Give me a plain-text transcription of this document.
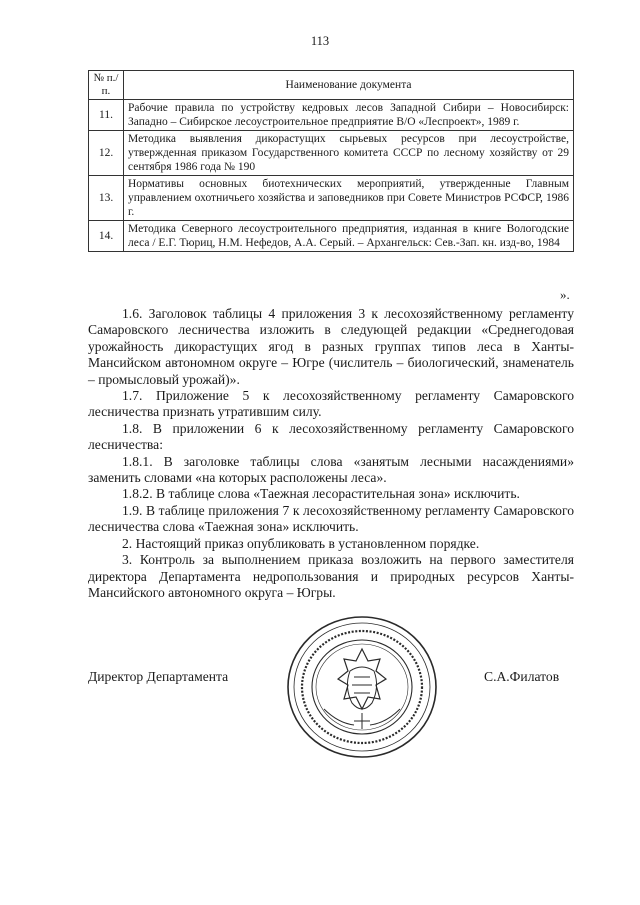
113
№ п./п.	Наименование документа
11.	Рабочие правила по устройству кедровых лесов Западной Сибири – Новосибирск: Западно – Сибирское лесоустроительное предприятие В/О «Леспроект», 1989 г.
12.	Методика выявления дикорастущих сырьевых ресурсов при лесоустройстве, утвержденная приказом Государственного комитета СССР по лесному хозяйству от 29 сентября 1986 года № 190
13.	Нормативы основных биотехнических мероприятий, утвержденные Главным управлением охотничьего хозяйства и заповедников при Совете Министров РСФСР, 1986 г.
14.	Методика Северного лесоустроительного предприятия, изданная в книге Вологодские леса / Е.Г. Тюриц, Н.М. Нефедов, А.А. Серый. – Архангельск: Сев.-Зап. кн. изд-во, 1984
».

1.6. Заголовок таблицы 4 приложения 3 к лесохозяйственному регламенту Самаровского лесничества изложить в следующей редакции «Среднегодовая урожайность дикорастущих ягод в разных группах типов леса в Ханты-Мансийском автономном округе – Югре (числитель – биологический, знаменатель – промысловый урожай)».

1.7. Приложение 5 к лесохозяйственному регламенту Самаровского лесничества признать утратившим силу.

1.8. В приложении 6 к лесохозяйственному регламенту Самаровского лесничества:

1.8.1. В заголовке таблицы слова «занятым лесными насаждениями» заменить словами «на которых расположены леса».

1.8.2. В таблице слова «Таежная лесорастительная зона» исключить.

1.9. В таблице приложения 7 к лесохозяйственному регламенту Самаровского лесничества слова «Таежная зона» исключить.

2. Настоящий приказ опубликовать в установленном порядке.

3. Контроль за выполнением приказа возложить на первого заместителя директора Департамента недропользования и природных ресурсов Ханты-Мансийского автономного округа – Югры.

Директор Департамента	С.А.Филатов
